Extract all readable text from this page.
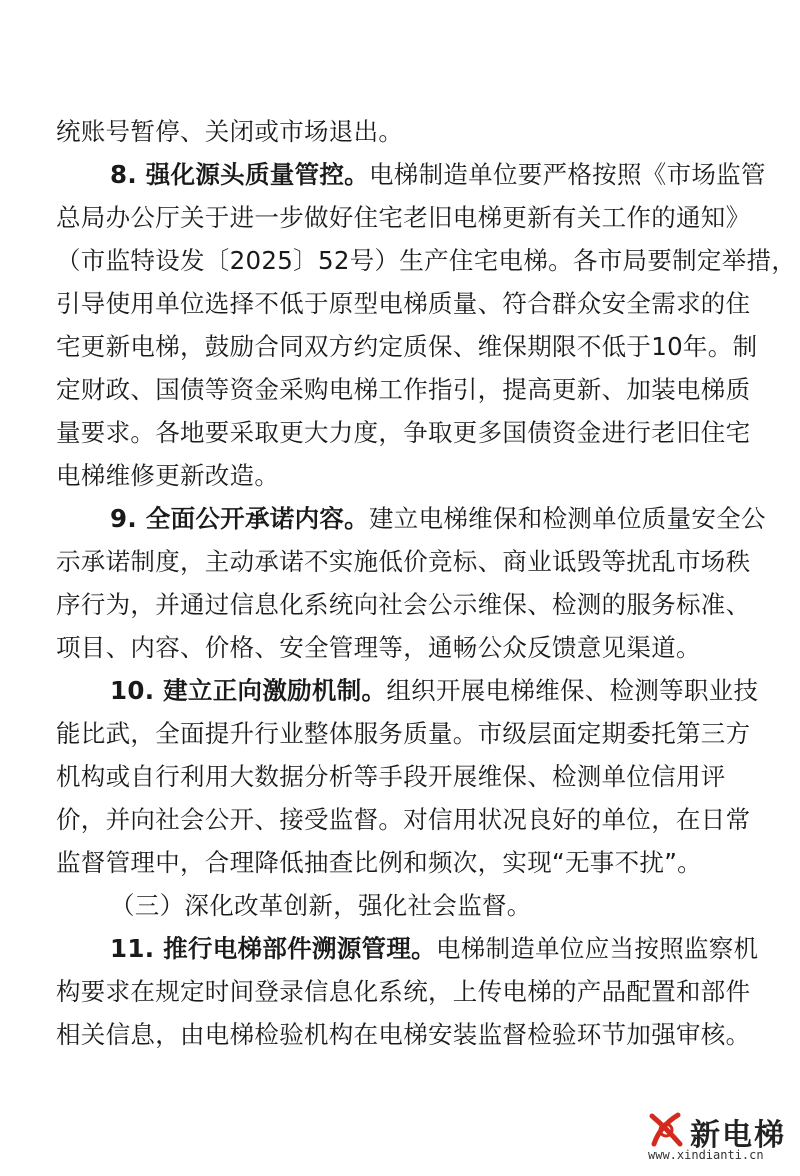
统账号暂停、关闭或市场退出。
8. 强化源头质量管控。电梯制造单位要严格按照《市场监管
总局办公厅关于进一步做好住宅老旧电梯更新有关工作的通知》
（市监特设发〔2025〕52号）生产住宅电梯。各市局要制定举措，
引导使用单位选择不低于原型电梯质量、符合群众安全需求的住
宅更新电梯，鼓励合同双方约定质保、维保期限不低于10年。制
定财政、国债等资金采购电梯工作指引，提高更新、加装电梯质
量要求。各地要采取更大力度，争取更多国债资金进行老旧住宅
电梯维修更新改造。
9. 全面公开承诺内容。建立电梯维保和检测单位质量安全公
示承诺制度，主动承诺不实施低价竞标、商业诋毁等扰乱市场秩
序行为，并通过信息化系统向社会公示维保、检测的服务标准、
项目、内容、价格、安全管理等，通畅公众反馈意见渠道。
10. 建立正向激励机制。组织开展电梯维保、检测等职业技
能比武，全面提升行业整体服务质量。市级层面定期委托第三方
机构或自行利用大数据分析等手段开展维保、检测单位信用评
价，并向社会公开、接受监督。对信用状况良好的单位，在日常
监督管理中，合理降低抽查比例和频次，实现“无事不扰”。
（三）深化改革创新，强化社会监督。
11. 推行电梯部件溯源管理。电梯制造单位应当按照监察机
构要求在规定时间登录信息化系统，上传电梯的产品配置和部件
相关信息，由电梯检验机构在电梯安装监督检验环节加强审核。
新电梯
www.xindianti.cn
